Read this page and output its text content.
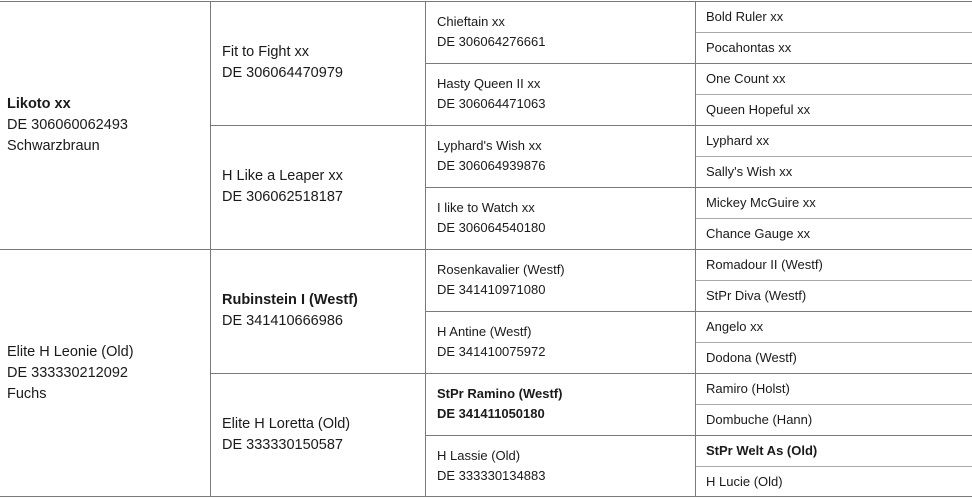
Likoto xx
DE 306060062493
Schwarzbraun
Elite H Leonie (Old)
DE 333330212092
Fuchs
Fit to Fight xx
DE 306064470979
H Like a Leaper xx
DE 306062518187
Rubinstein I (Westf)
DE 341410666986
Elite H Loretta (Old)
DE 333330150587
Chieftain xx
DE 306064276661
Hasty Queen II xx
DE 306064471063
Lyphard's Wish xx
DE 306064939876
I like to Watch xx
DE 306064540180
Rosenkavalier (Westf)
DE 341410971080
H Antine (Westf)
DE 341410075972
StPr Ramino (Westf)
DE 341411050180
H Lassie (Old)
DE 333330134883
Bold Ruler xx
Pocahontas xx
One Count xx
Queen Hopeful xx
Lyphard xx
Sally's Wish xx
Mickey McGuire xx
Chance Gauge xx
Romadour II (Westf)
StPr Diva (Westf)
Angelo xx
Dodona (Westf)
Ramiro (Holst)
Dombuche (Hann)
StPr Welt As (Old)
H Lucie (Old)
